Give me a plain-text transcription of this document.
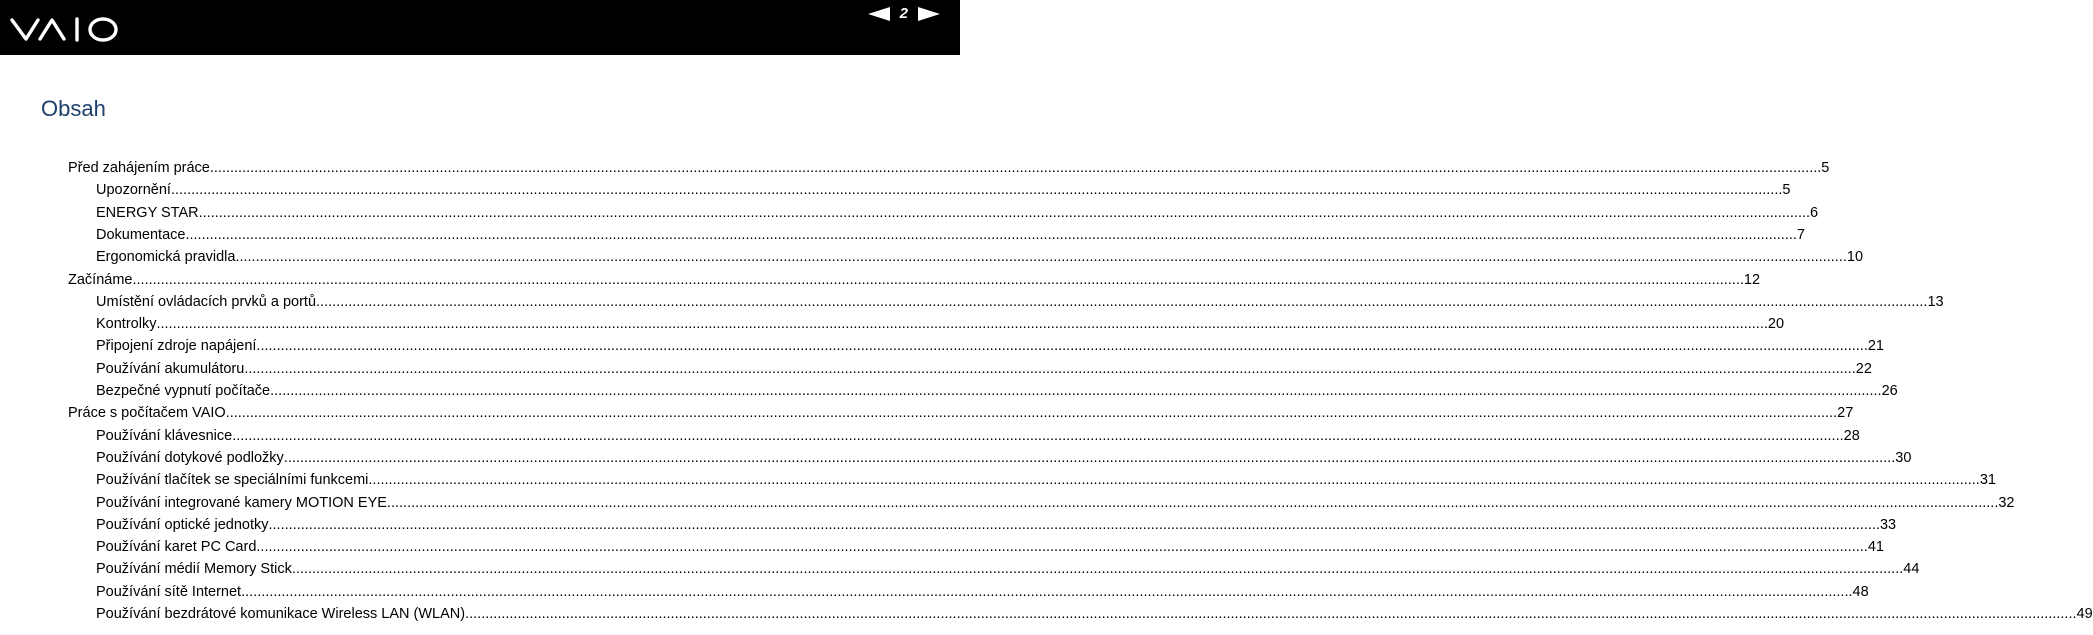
2
Obsah
Před zahájením práce ................................................................................................................................................................................................................................................................................................................................................................................................................ 5
Upozornění ................................................................................................................................................................................................................................................................................................................................................................................................................ 5
ENERGY STAR ................................................................................................................................................................................................................................................................................................................................................................................................................ 6
Dokumentace ................................................................................................................................................................................................................................................................................................................................................................................................................ 7
Ergonomická pravidla ................................................................................................................................................................................................................................................................................................................................................................................................................ 10
Začínáme ................................................................................................................................................................................................................................................................................................................................................................................................................ 12
Umístění ovládacích prvků a portů ................................................................................................................................................................................................................................................................................................................................................................................................................ 13
Kontrolky ................................................................................................................................................................................................................................................................................................................................................................................................................ 20
Připojení zdroje napájení ................................................................................................................................................................................................................................................................................................................................................................................................................ 21
Používání akumulátoru ................................................................................................................................................................................................................................................................................................................................................................................................................ 22
Bezpečné vypnutí počítače ................................................................................................................................................................................................................................................................................................................................................................................................................ 26
Práce s počítačem VAIO ................................................................................................................................................................................................................................................................................................................................................................................................................ 27
Používání klávesnice ................................................................................................................................................................................................................................................................................................................................................................................................................ 28
Používání dotykové podložky ................................................................................................................................................................................................................................................................................................................................................................................................................ 30
Používání tlačítek se speciálními funkcemi ................................................................................................................................................................................................................................................................................................................................................................................................................ 31
Používání integrované kamery MOTION EYE ................................................................................................................................................................................................................................................................................................................................................................................................................ 32
Používání optické jednotky ................................................................................................................................................................................................................................................................................................................................................................................................................ 33
Používání karet PC Card ................................................................................................................................................................................................................................................................................................................................................................................................................ 41
Používání médií Memory Stick ................................................................................................................................................................................................................................................................................................................................................................................................................ 44
Používání sítě Internet ................................................................................................................................................................................................................................................................................................................................................................................................................ 48
Používání bezdrátové komunikace Wireless LAN (WLAN) ................................................................................................................................................................................................................................................................................................................................................................................................................ 49
